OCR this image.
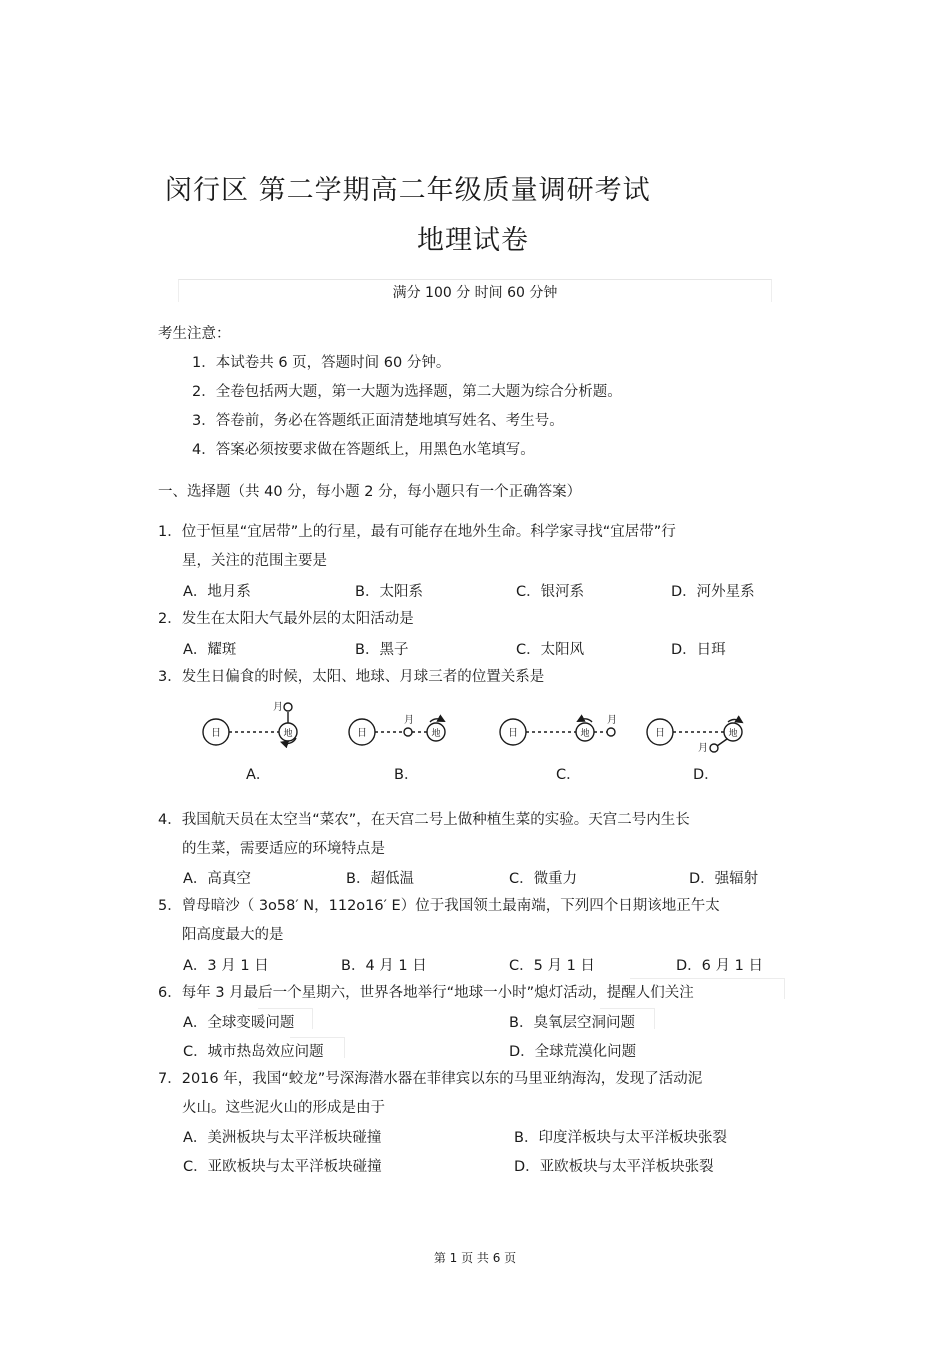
闵行区 第二学期高二年级质量调研考试
地理试卷
满分 100 分 时间 60 分钟
考生注意：
1．本试卷共 6 页，答题时间 60 分钟。
2．全卷包括两大题，第一大题为选择题，第二大题为综合分析题。
3．答卷前，务必在答题纸正面清楚地填写姓名、考生号。
4．答案必须按要求做在答题纸上，用黑色水笔填写。
一、选择题（共 40 分，每小题 2 分，每小题只有一个正确答案）
1．位于恒星“宜居带”上的行星，最有可能存在地外生命。科学家寻找“宜居带”行
星，关注的范围主要是
A．地月系	B．太阳系	C．银河系	D．河外星系
2．发生在太阳大气最外层的太阳活动是
A．耀斑	B．黑子	C．太阳风	D．日珥
3．发生日偏食的时候，太阳、地球、月球三者的位置关系是
日	地
月
日	地
月
日	地
月
日	地
月
A．	B．	C．	D．
4．我国航天员在太空当“菜农”，在天宫二号上做种植生菜的实验。天宫二号内生长
的生菜，需要适应的环境特点是
A．高真空	B．超低温	C．微重力	D．强辐射
5．曾母暗沙（ 3o58′ N，112o16′ E）位于我国领土最南端，下列四个日期该地正午太
阳高度最大的是
A．3 月 1 日	B．4 月 1 日	C．5 月 1 日	D．6 月 1 日
6．每年 3 月最后一个星期六，世界各地举行“地球一小时”熄灯活动，提醒人们关注
A．全球变暖问题	B．臭氧层空洞问题
C．城市热岛效应问题	D．全球荒漠化问题
7．2016 年，我国“蛟龙”号深海潜水器在菲律宾以东的马里亚纳海沟，发现了活动泥
火山。这些泥火山的形成是由于
A．美洲板块与太平洋板块碰撞	B．印度洋板块与太平洋板块张裂
C．亚欧板块与太平洋板块碰撞	D．亚欧板块与太平洋板块张裂
第 1 页 共 6 页
